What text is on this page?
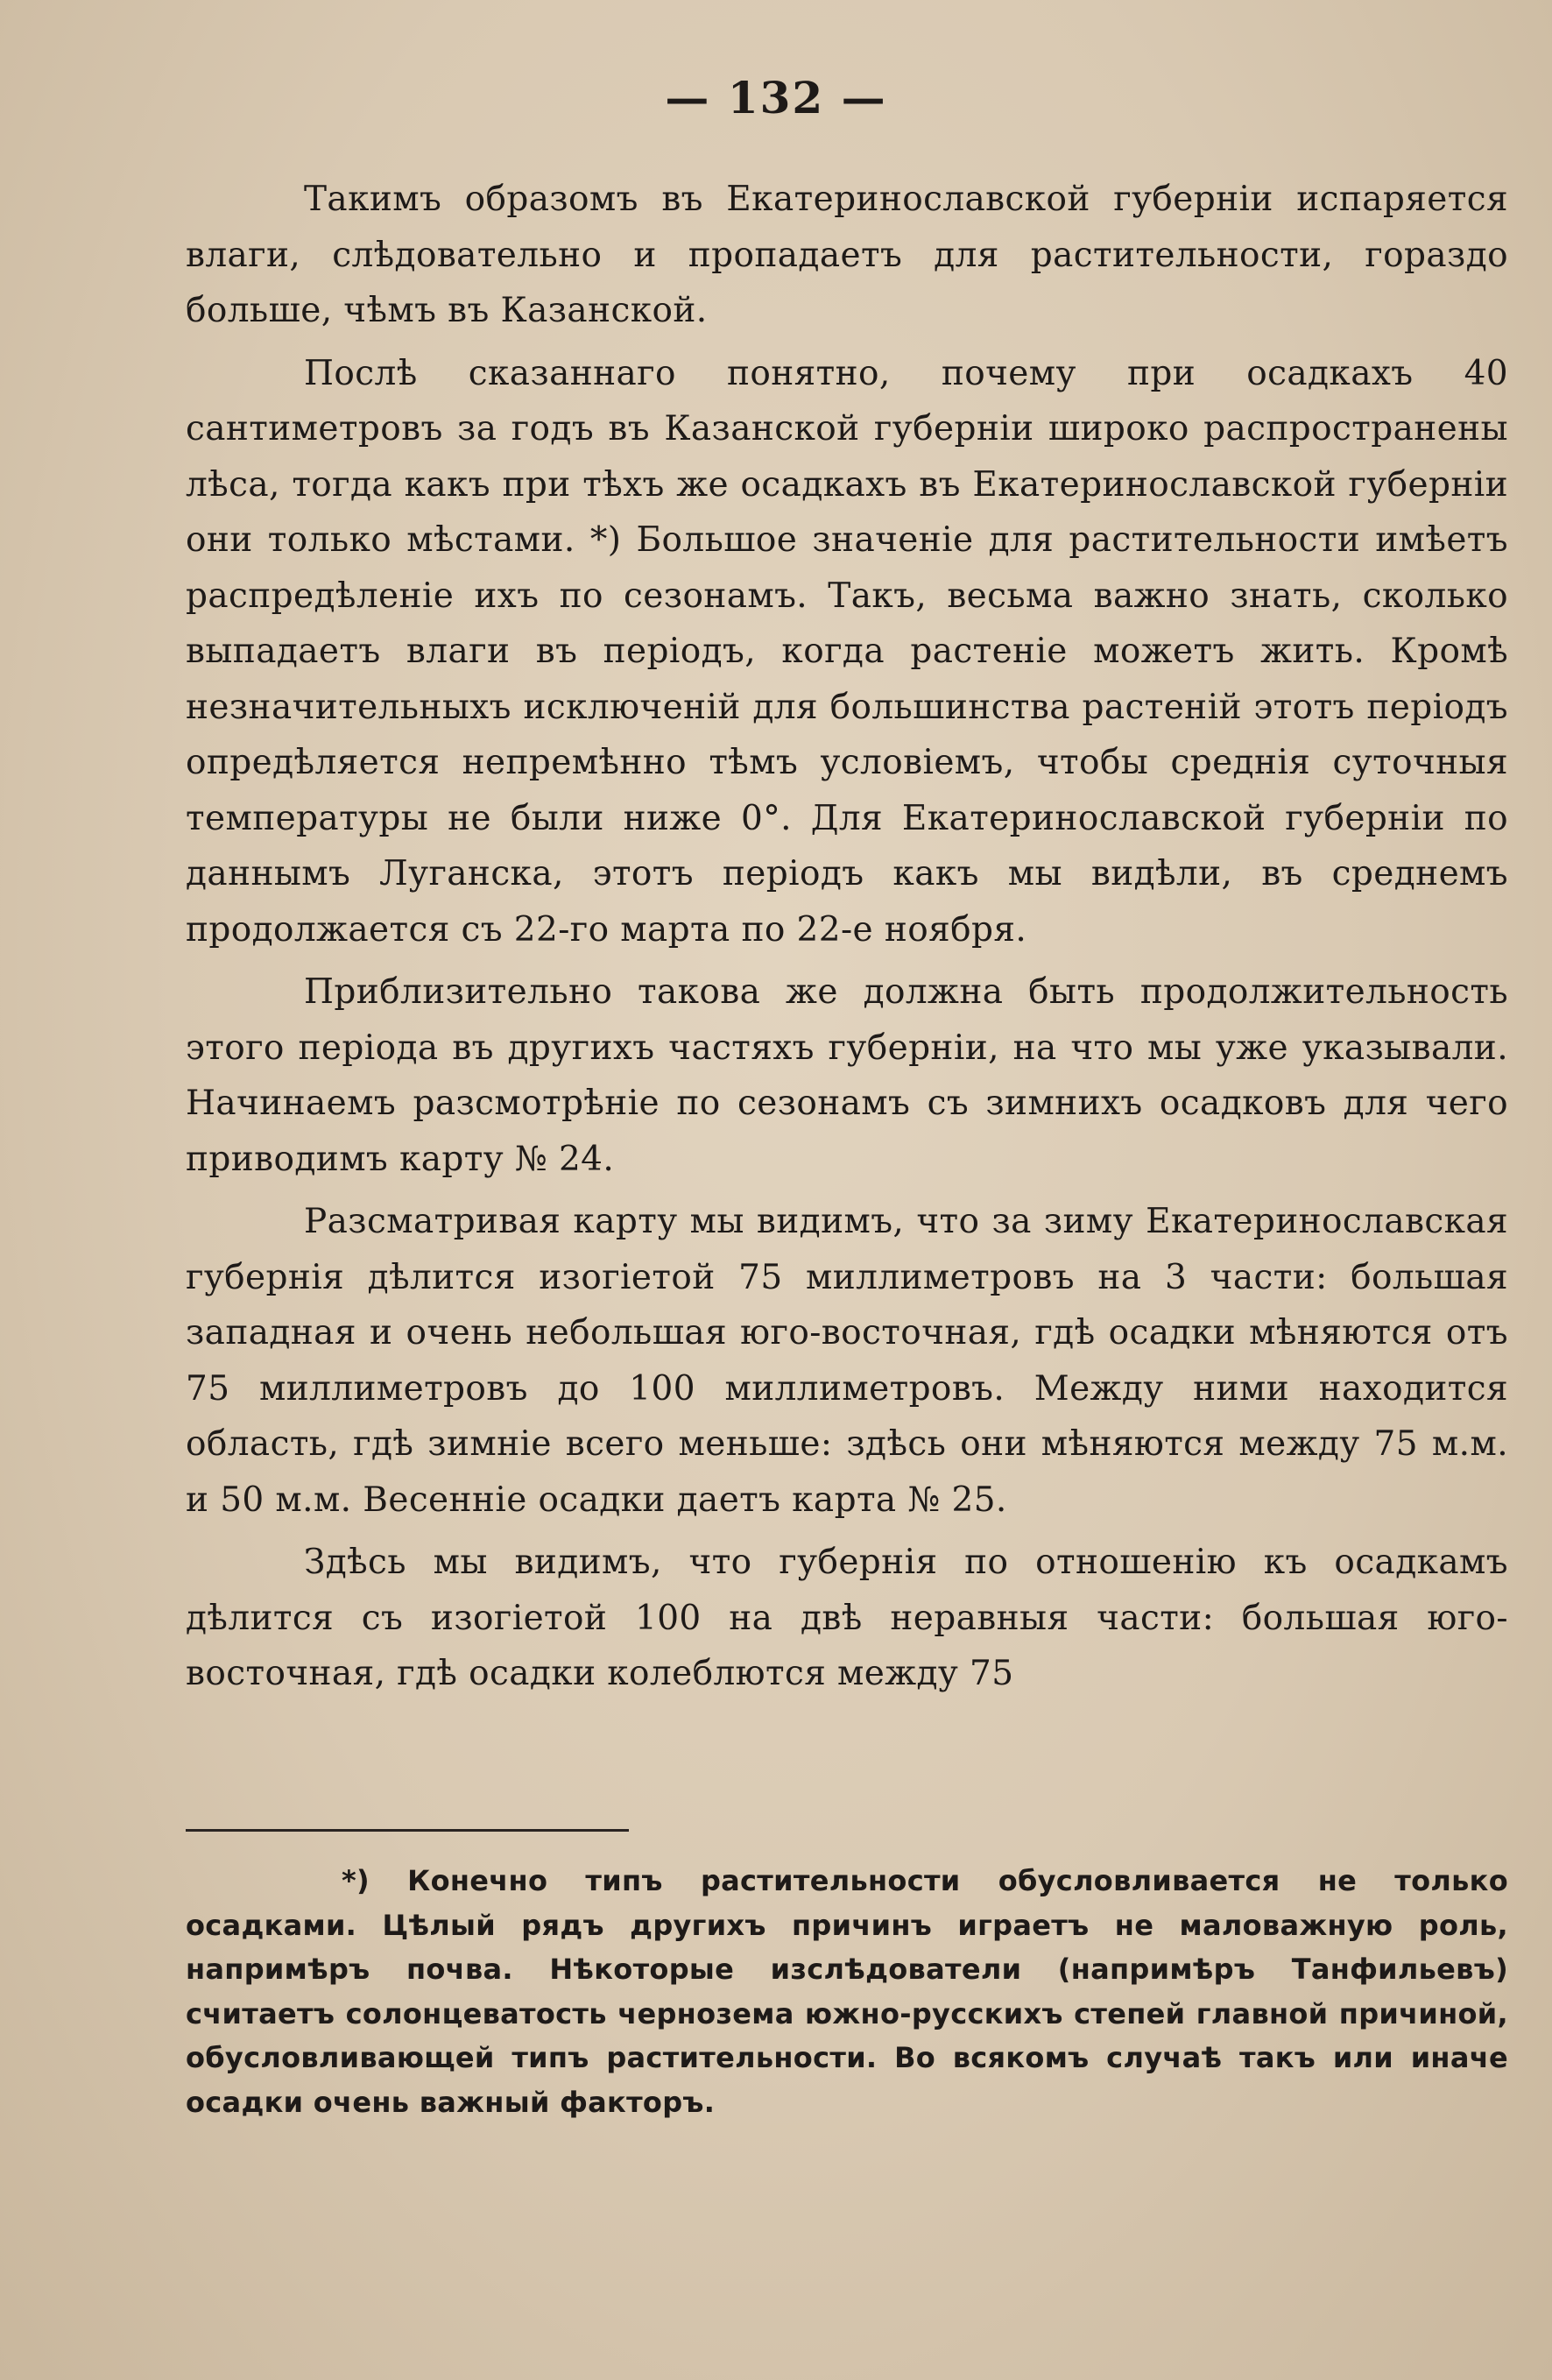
— 132 —

Такимъ образомъ въ Екатеринославской губерніи испаряется влаги, слѣдовательно и пропадаетъ для растительности, гораздо больше, чѣмъ въ Казанской.

Послѣ сказаннаго понятно, почему при осадкахъ 40 сантиметровъ за годъ въ Казанской губерніи широко распространены лѣса, тогда какъ при тѣхъ же осадкахъ въ Екатеринославской губерніи они только мѣстами. *) Большое значеніе для растительности имѣетъ распредѣленіе ихъ по сезонамъ. Такъ, весьма важно знать, сколько выпадаетъ влаги въ періодъ, когда растеніе можетъ жить. Кромѣ незначительныхъ исключеній для большинства растеній этотъ періодъ опредѣляется непремѣнно тѣмъ условіемъ, чтобы среднія суточныя температуры не были ниже 0°. Для Екатеринославской губерніи по даннымъ Луганска, этотъ періодъ какъ мы видѣли, въ среднемъ продолжается съ 22-го марта по 22-е ноября.

Приблизительно такова же должна быть продолжительность этого періода въ другихъ частяхъ губерніи, на что мы уже указывали. Начинаемъ разсмотрѣніе по сезонамъ съ зимнихъ осадковъ для чего приводимъ карту № 24.

Разсматривая карту мы видимъ, что за зиму Екатеринославская губернія дѣлится изогіетой 75 миллиметровъ на 3 части: большая западная и очень небольшая юго-восточная, гдѣ осадки мѣняются отъ 75 миллиметровъ до 100 миллиметровъ. Между ними находится область, гдѣ зимніе всего меньше: здѣсь они мѣняются между 75 м.м. и 50 м.м. Весенніе осадки даетъ карта № 25.

Здѣсь мы видимъ, что губернія по отношенію къ осадкамъ дѣлится съ изогіетой 100 на двѣ неравныя части: большая юго-восточная, гдѣ осадки колеблются между 75

*) Конечно типъ растительности обусловливается не только осадками. Цѣлый рядъ другихъ причинъ играетъ не маловажную роль, напримѣръ почва. Нѣкоторые изслѣдователи (напримѣръ Танфильевъ) считаетъ солонцеватость чернозема южно-русскихъ степей главной причиной, обусловливающей типъ растительности. Во всякомъ случаѣ такъ или иначе осадки очень важный факторъ.
